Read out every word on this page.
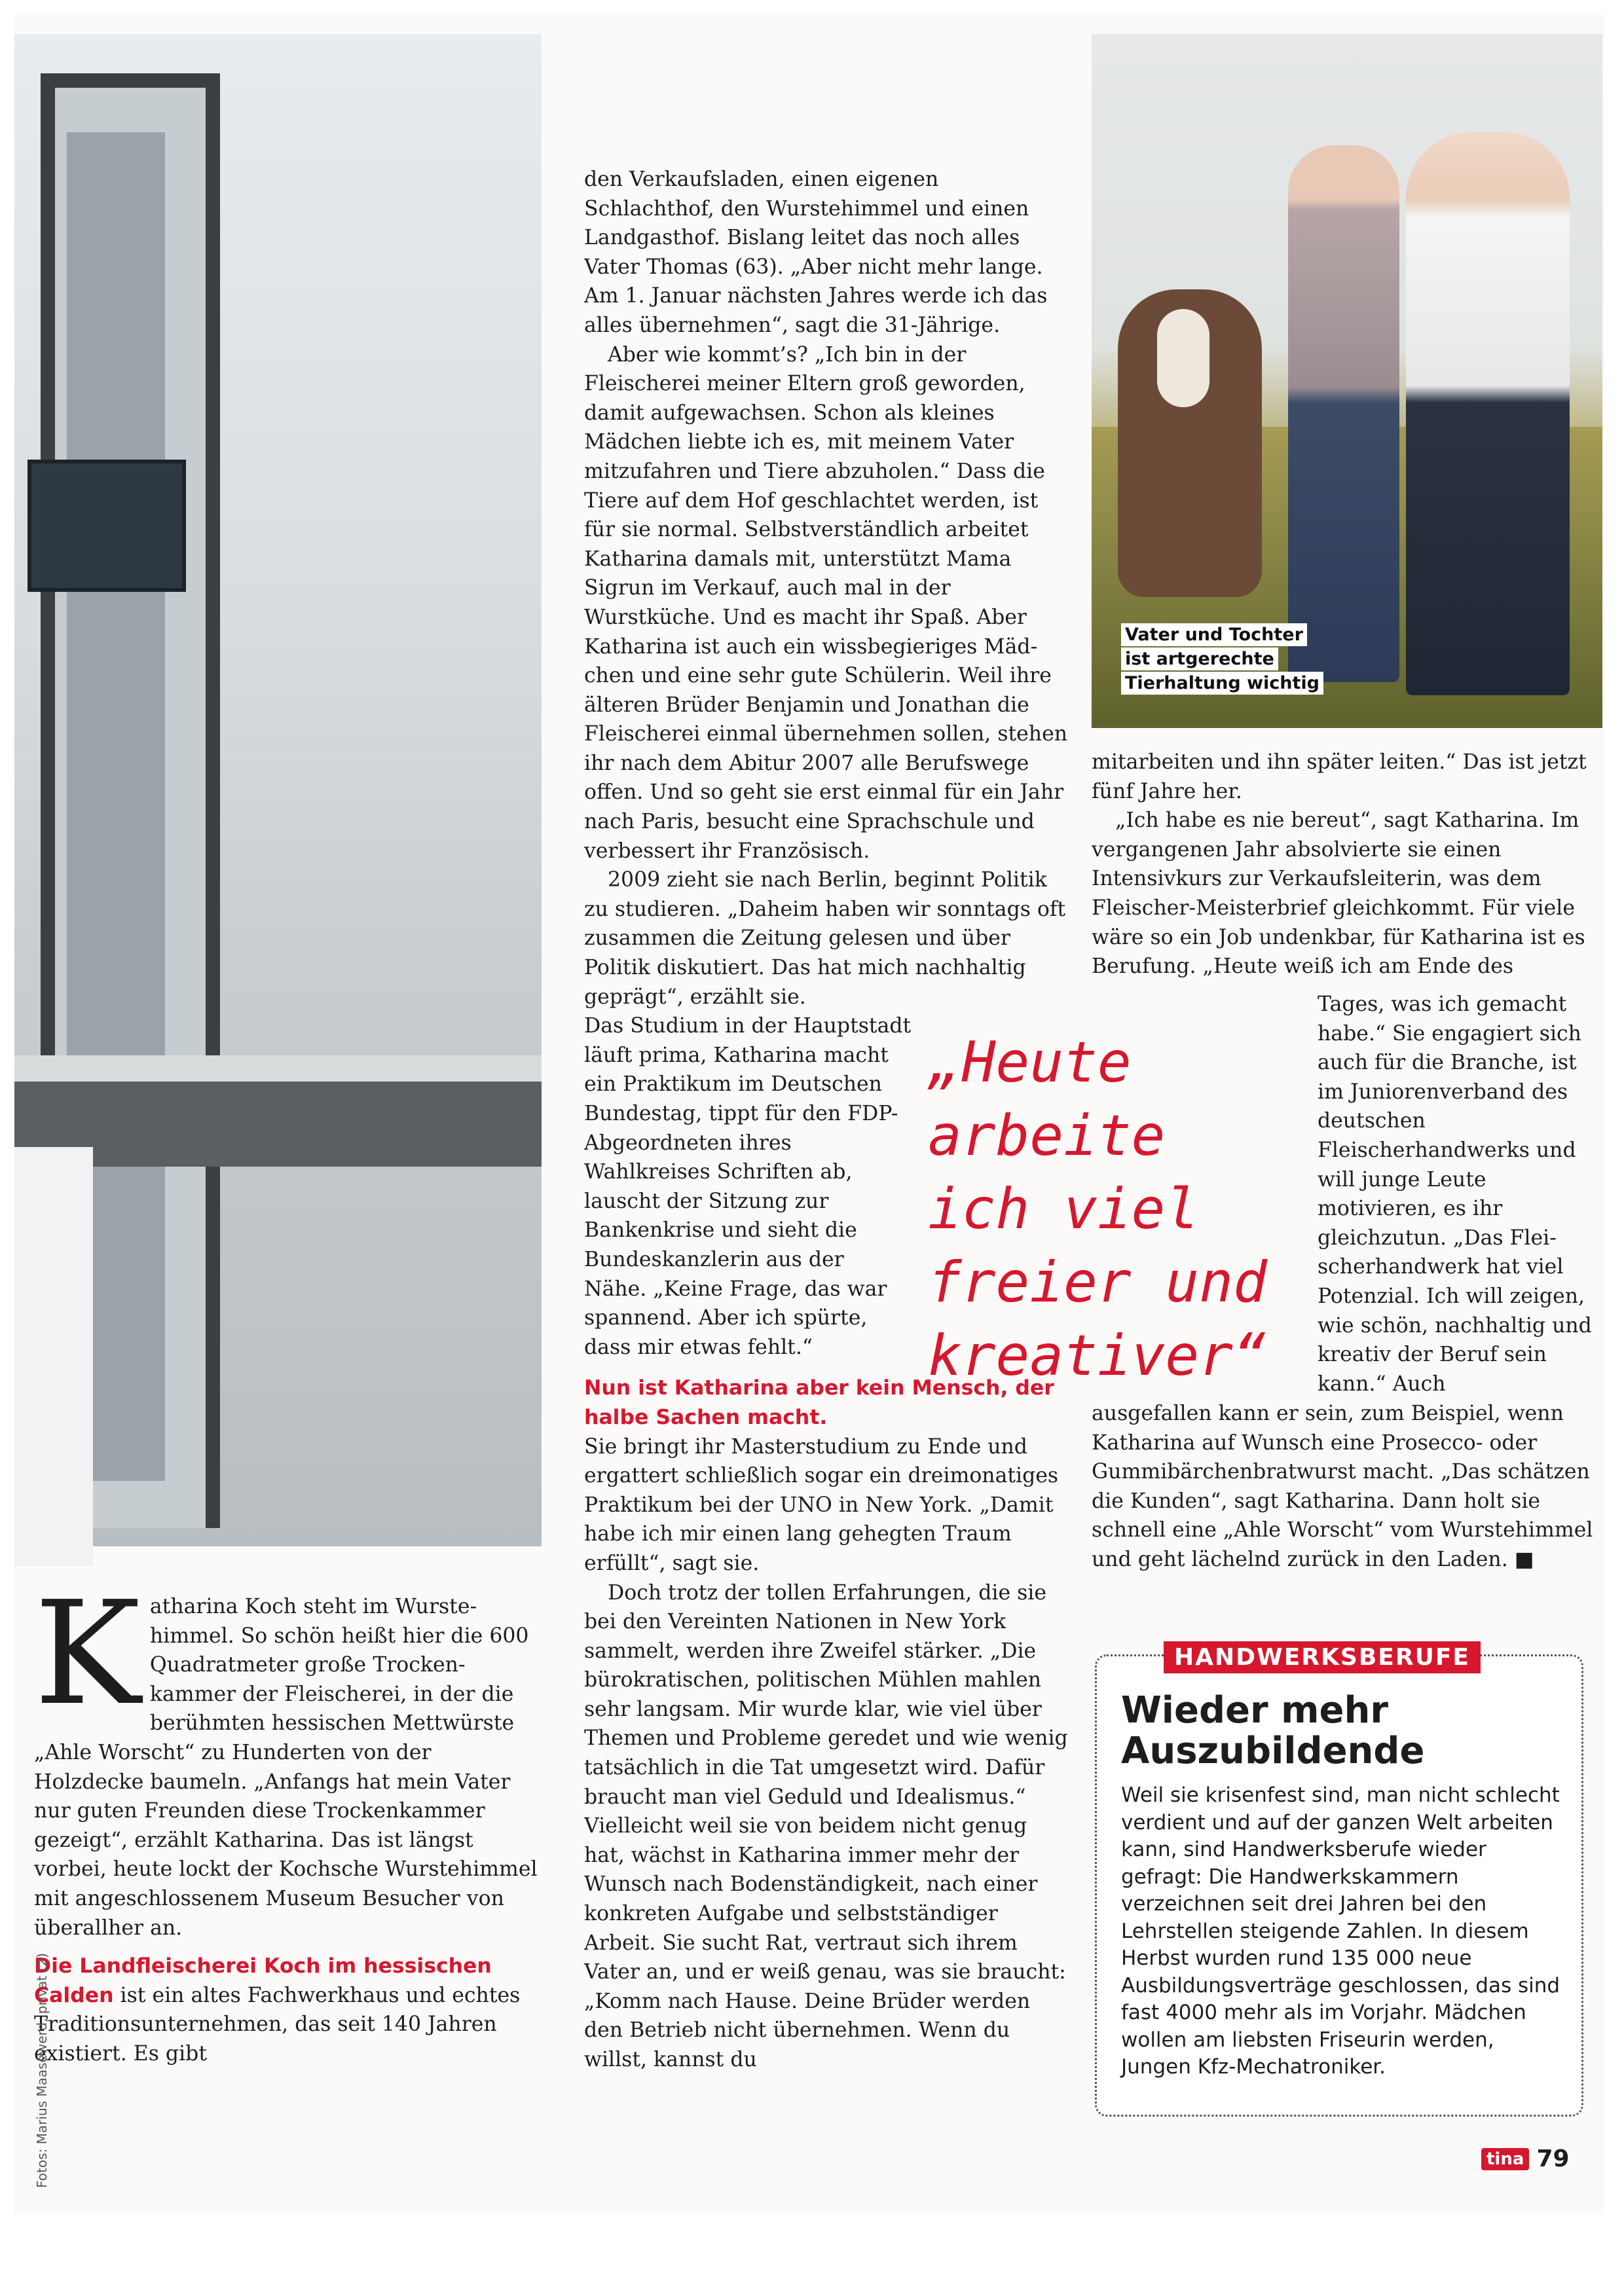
Vater und Tochter
ist artgerechte
Tierhaltung wichtig
K atharina Koch steht im Wurstehimmel. So schön heißt hier die 600 Quadratmeter große Trockenkammer der Fleischerei, in der die berühmten hessischen Mettwürste „Ahle Worscht“ zu Hunderten von der Holzdecke baumeln. „Anfangs hat mein Vater nur guten Freunden diese Trockenkammer gezeigt“, erzählt Katharina. Das ist längst vorbei, heute lockt der Kochsche Wurstehimmel mit angeschlossenem Museum Besucher von überallher an.

Die Landfleischerei Koch im hessischen Calden ist ein altes Fachwerkhaus und echtes Traditionsunternehmen, das seit 140 Jahren existiert. Es gibt

Fotos: Marius Maasewerd, privat (2)

den Verkaufsladen, einen eigenen Schlachthof, den Wurstehimmel und einen Landgasthof. Bislang leitet das noch alles Vater Thomas (63). „Aber nicht mehr lange. Am 1. Januar nächsten Jahres werde ich das alles übernehmen“, sagt die 31-Jährige.

Aber wie kommt’s? „Ich bin in der Fleischerei meiner Eltern groß geworden, damit aufgewachsen. Schon als kleines Mädchen liebte ich es, mit meinem Vater mitzufahren und Tiere abzuholen.“ Dass die Tiere auf dem Hof geschlachtet werden, ist für sie normal. Selbstverständlich arbeitet Katharina damals mit, unterstützt Mama Sigrun im Verkauf, auch mal in der Wurstküche. Und es macht ihr Spaß. Aber Katharina ist auch ein wissbegieriges Mädchen und eine sehr gute Schülerin. Weil ihre älteren Brüder Benjamin und Jonathan die Fleischerei einmal übernehmen sollen, stehen ihr nach dem Abitur 2007 alle Berufswege offen. Und so geht sie erst einmal für ein Jahr nach Paris, besucht eine Sprachschule und verbessert ihr Französisch.

2009 zieht sie nach Berlin, beginnt Politik zu studieren. „Daheim haben wir sonntags oft zusammen die Zeitung gelesen und über Politik diskutiert. Das hat mich nachhaltig geprägt“, erzählt sie.

Das Studium in der Hauptstadt läuft prima, Katharina macht ein Praktikum im Deutschen Bundestag, tippt für den FDP-Abgeordneten ihres Wahlkreises Schriften ab, lauscht der Sitzung zur Bankenkrise und sieht die Bundeskanzlerin aus der Nähe. „Keine Frage, das war spannend. Aber ich spürte, dass mir etwas fehlt.“

Nun ist Katharina aber kein Mensch, der halbe Sachen macht.

Sie bringt ihr Masterstudium zu Ende und ergattert schließlich sogar ein dreimonatiges Praktikum bei der UNO in New York. „Damit habe ich mir einen lang gehegten Traum erfüllt“, sagt sie.

Doch trotz der tollen Erfahrungen, die sie bei den Vereinten Nationen in New York sammelt, werden ihre Zweifel stärker. „Die bürokratischen, politischen Mühlen mahlen sehr langsam. Mir wurde klar, wie viel über Themen und Probleme geredet und wie wenig tatsächlich in die Tat umgesetzt wird. Dafür braucht man viel Geduld und Idealismus.“ Vielleicht weil sie von beidem nicht genug hat, wächst in Katharina immer mehr der Wunsch nach Bodenständigkeit, nach einer konkreten Aufgabe und selbstständiger Arbeit. Sie sucht Rat, vertraut sich ihrem Vater an, und er weiß genau, was sie braucht: „Komm nach Hause. Deine Brüder werden den Betrieb nicht übernehmen. Wenn du willst, kannst du

„Heute
arbeite
ich viel
freier und
kreativer“

mitarbeiten und ihn später leiten.“ Das ist jetzt fünf Jahre her.

„Ich habe es nie bereut“, sagt Katharina. Im vergangenen Jahr absolvierte sie einen Intensivkurs zur Verkaufsleiterin, was dem Fleischer-Meisterbrief gleichkommt. Für viele wäre so ein Job undenkbar, für Katharina ist es Berufung. „Heute weiß ich am Ende des

Tages, was ich gemacht habe.“ Sie engagiert sich auch für die Branche, ist im Juniorenverband des deutschen Fleischerhandwerks und will junge Leute motivieren, es ihr gleichzutun. „Das Fleischerhandwerk hat viel Potenzial. Ich will zeigen, wie schön, nachhaltig und kreativ der Beruf sein kann.“ Auch

ausgefallen kann er sein, zum Beispiel, wenn Katharina auf Wunsch eine Prosecco- oder Gummibärchenbratwurst macht. „Das schätzen die Kunden“, sagt Katharina. Dann holt sie schnell eine „Ahle Worscht“ vom Wurstehimmel und geht lächelnd zurück in den Laden. ■

HANDWERKSBERUFE
Wieder mehr Auszubildende
Weil sie krisenfest sind, man nicht schlecht verdient und auf der ganzen Welt arbeiten kann, sind Handwerksberufe wieder gefragt: Die Handwerkskammern verzeichnen seit drei Jahren bei den Lehrstellen steigende Zahlen. In diesem Herbst wurden rund 135 000 neue Ausbildungsverträge geschlossen, das sind fast 4000 mehr als im Vorjahr. Mädchen wollen am liebsten Friseurin werden, Jungen Kfz-Mechatroniker.
tina 79
